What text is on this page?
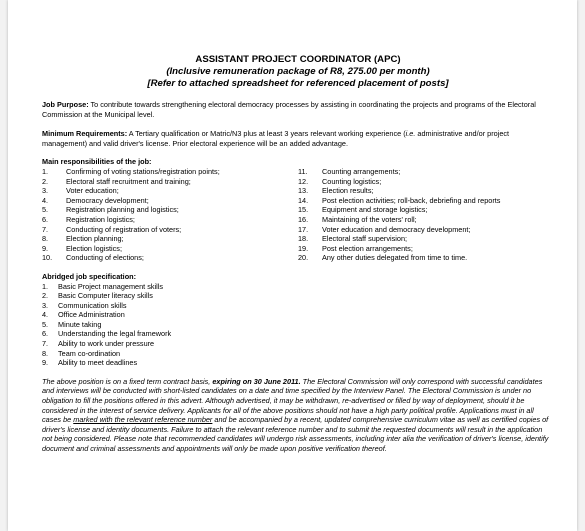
ASSISTANT PROJECT COORDINATOR (APC)
(Inclusive remuneration package of R8, 275.00 per month)
[Refer to attached spreadsheet for referenced placement of posts]
Job Purpose: To contribute towards strengthening electoral democracy processes by assisting in coordinating the projects and programs of the Electoral Commission at the Municipal level.
Minimum Requirements: A Tertiary qualification or Matric/N3 plus at least 3 years relevant working experience (i.e. administrative and/or project management) and valid driver's license. Prior electoral experience will be an added advantage.
Main responsibilities of the job:
1.	Confirming of voting stations/registration points;
2.	Electoral staff recruitment and training;
3.	Voter education;
4.	Democracy development;
5.	Registration planning and logistics;
6.	Registration logistics;
7.	Conducting of registration of voters;
8.	Election planning;
9.	Election logistics;
10.	Conducting of elections;
11.	Counting arrangements;
12.	Counting logistics;
13.	Election results;
14.	Post election activities; roll-back, debriefing and reports
15.	Equipment and storage logistics;
16.	Maintaining of the voters' roll;
17.	Voter education and democracy development;
18.	Electoral staff supervision;
19.	Post election arrangements;
20.	Any other duties delegated from time to time.
Abridged job specification:
1.	Basic Project management skills
2.	Basic Computer literacy skills
3.	Communication skills
4.	Office Administration
5.	Minute taking
6.	Understanding the legal framework
7.	Ability to work under pressure
8.	Team co-ordination
9.	Ability to meet deadlines
The above position is on a fixed term contract basis, expiring on 30 June 2011. The Electoral Commission will only correspond with successful candidates and interviews will be conducted with short-listed candidates on a date and time specified by the Interview Panel. The Electoral Commission is under no obligation to fill the positions offered in this advert. Although advertised, it may be withdrawn, re-advertised or filled by way of deployment, should it be considered in the interest of service delivery. Applicants for all of the above positions should not have a high party political profile. Applications must in all cases be marked with the relevant reference number and be accompanied by a recent, updated comprehensive curriculum vitae as well as certified copies of driver's license and identity documents. Failure to attach the relevant reference number and to submit the requested documents will result in the application not being considered. Please note that recommended candidates will undergo risk assessments, including inter alia the verification of driver's license, identify document and criminal assessments and appointments will only be made upon positive verification thereof.
